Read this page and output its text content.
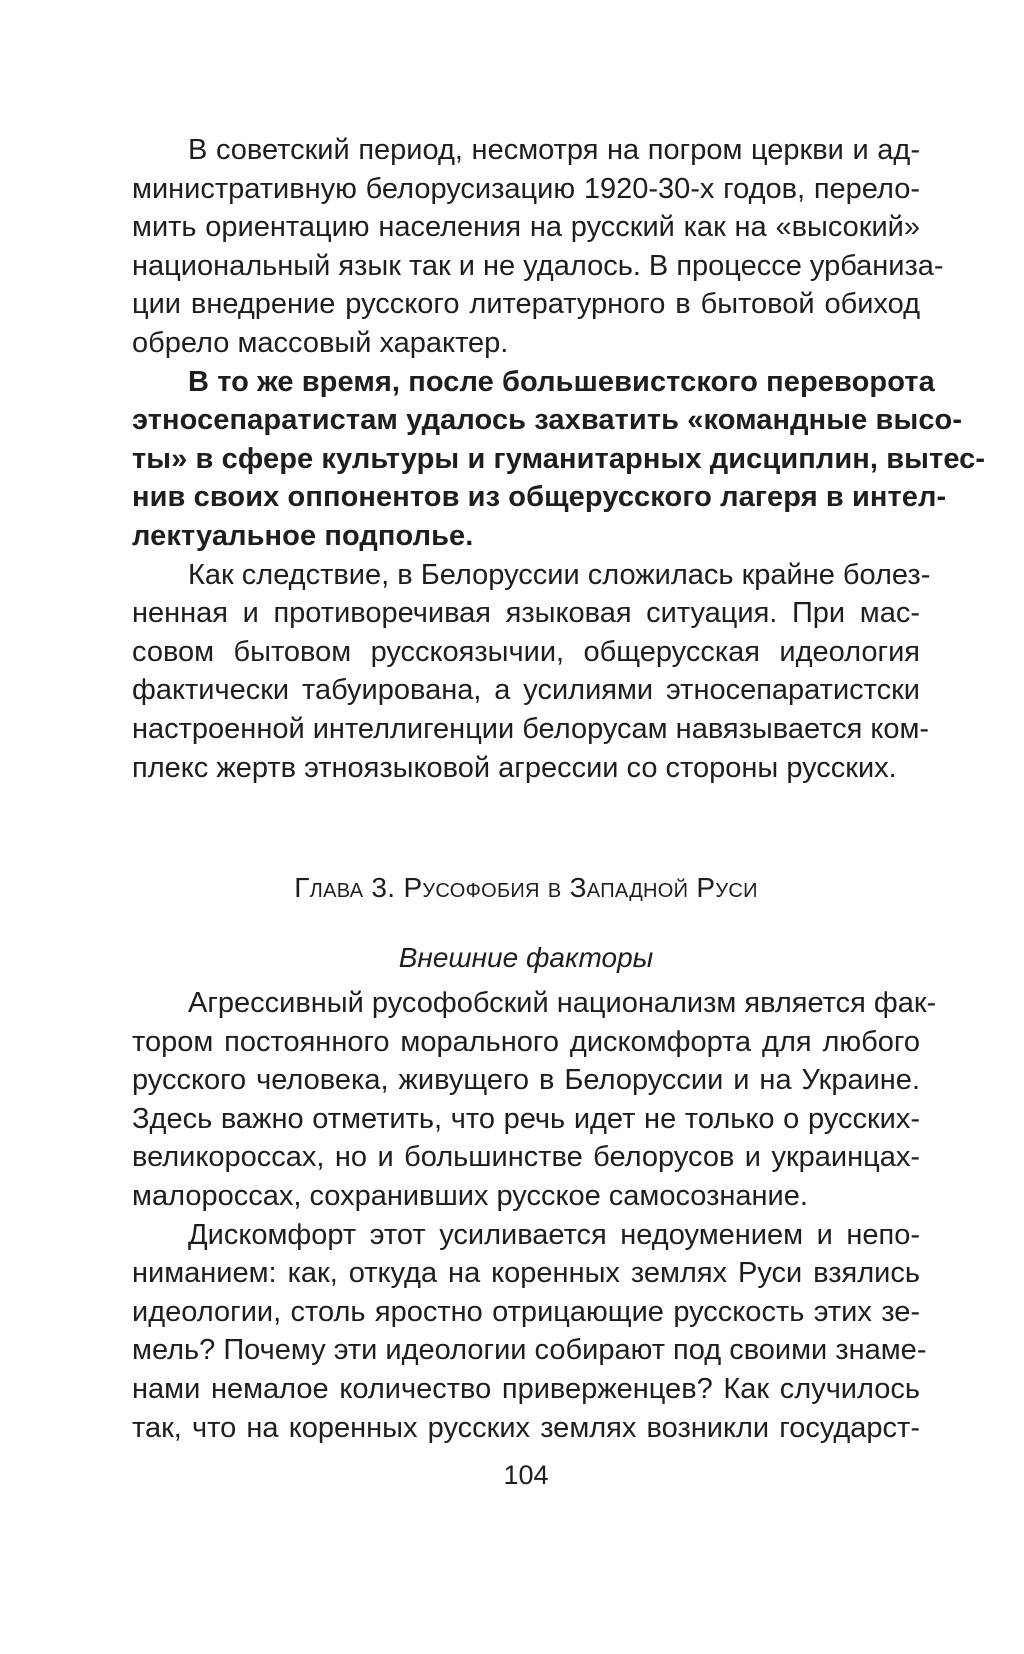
В советский период, несмотря на погром церкви и ад-
министративную белорусизацию 1920-30-х годов, перело-
мить ориентацию населения на русский как на «высокий»
национальный язык так и не удалось. В процессе урбаниза-
ции внедрение русского литературного в бытовой обиход
обрело массовый характер.
В то же время, после большевистского переворота
этносепаратистам удалось захватить «командные высо-
ты» в сфере культуры и гуманитарных дисциплин, вытес-
нив своих оппонентов из общерусского лагеря в интел-
лектуальное подполье.
Как следствие, в Белоруссии сложилась крайне болез-
ненная и противоречивая языковая ситуация. При мас-
совом бытовом русскоязычии, общерусская идеология
фактически табуирована, а усилиями этносепаратистски
настроенной интеллигенции белорусам навязывается ком-
плекс жертв этноязыковой агрессии со стороны русских.
Глава 3. Русофобия в Западной Руси
Внешние факторы
Агрессивный русофобский национализм является фак-
тором постоянного морального дискомфорта для любого
русского человека, живущего в Белоруссии и на Украине.
Здесь важно отметить, что речь идет не только о русских-
великороссах, но и большинстве белорусов и украинцах-
малороссах, сохранивших русское самосознание.
Дискомфорт этот усиливается недоумением и непо-
ниманием: как, откуда на коренных землях Руси взялись
идеологии, столь яростно отрицающие русскость этих зе-
мель? Почему эти идеологии собирают под своими знаме-
нами немалое количество приверженцев? Как случилось
так, что на коренных русских землях возникли государст-
104
